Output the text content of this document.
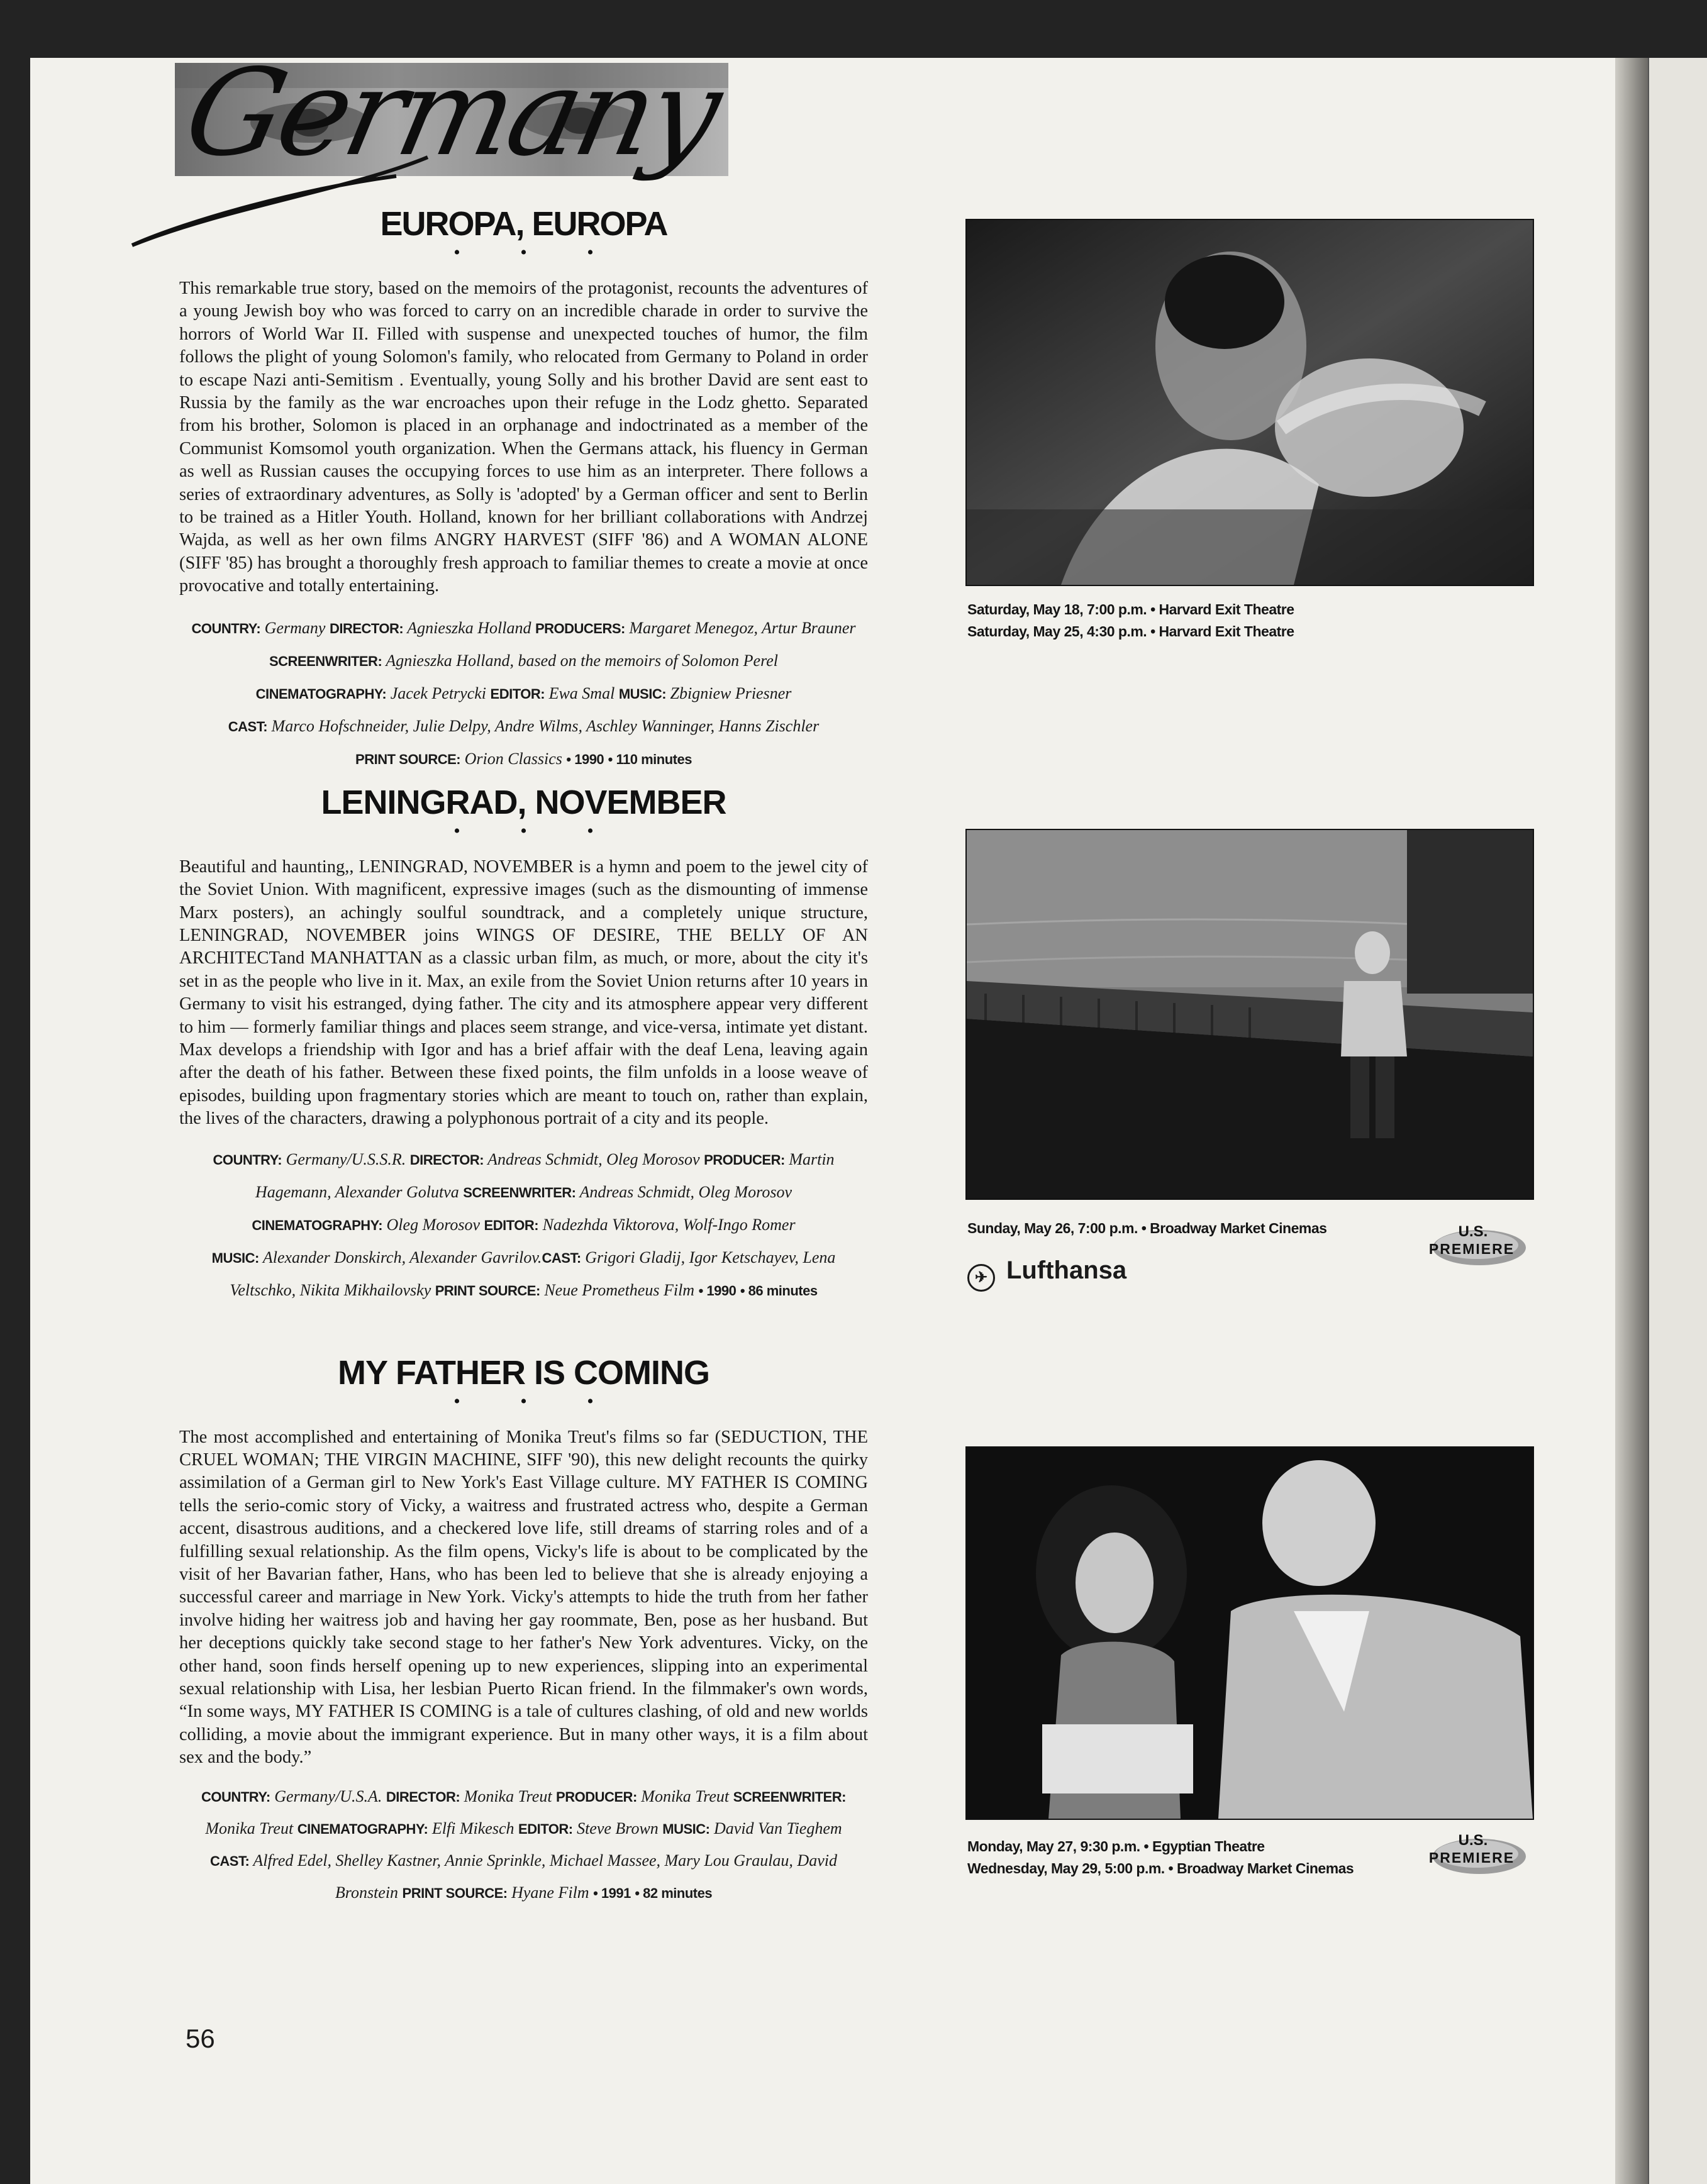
Germany
EUROPA, EUROPA
• • •

This remarkable true story, based on the memoirs of the protagonist, recounts the adventures of a young Jewish boy who was forced to carry on an incredible charade in order to survive the horrors of World War II. Filled with suspense and unexpected touches of humor, the film follows the plight of young Solomon's family, who relocated from Germany to Poland in order to escape Nazi anti-Semitism . Eventually, young Solly and his brother David are sent east to Russia by the family as the war encroaches upon their refuge in the Lodz ghetto. Separated from his brother, Solomon is placed in an orphanage and indoctrinated as a member of the Communist Komsomol youth organization. When the Germans attack, his fluency in German as well as Russian causes the occupying forces to use him as an interpreter. There follows a series of extraordinary adventures, as Solly is 'adopted' by a German officer and sent to Berlin to be trained as a Hitler Youth. Holland, known for her brilliant collaborations with Andrzej Wajda, as well as her own films ANGRY HARVEST (SIFF '86) and A WOMAN ALONE (SIFF '85) has brought a thoroughly fresh approach to familiar themes to create a movie at once provocative and totally entertaining.

COUNTRY: Germany DIRECTOR: Agnieszka Holland PRODUCERS: Margaret Menegoz, Artur Brauner SCREENWRITER: Agnieszka Holland, based on the memoirs of Solomon Perel
CINEMATOGRAPHY: Jacek Petrycki EDITOR: Ewa Smal MUSIC: Zbigniew Priesner
CAST: Marco Hofschneider, Julie Delpy, Andre Wilms, Aschley Wanninger, Hanns Zischler
PRINT SOURCE: Orion Classics • 1990 • 110 minutes
LENINGRAD, NOVEMBER
• • •

Beautiful and haunting,, LENINGRAD, NOVEMBER is a hymn and poem to the jewel city of the Soviet Union. With magnificent, expressive images (such as the dismounting of immense Marx posters), an achingly soulful soundtrack, and a completely unique structure, LENINGRAD, NOVEMBER joins WINGS OF DESIRE, THE BELLY OF AN ARCHITECTand MANHATTAN as a classic urban film, as much, or more, about the city it's set in as the people who live in it. Max, an exile from the Soviet Union returns after 10 years in Germany to visit his estranged, dying father. The city and its atmosphere appear very different to him — formerly familiar things and places seem strange, and vice-versa, intimate yet distant. Max develops a friendship with Igor and has a brief affair with the deaf Lena, leaving again after the death of his father. Between these fixed points, the film unfolds in a loose weave of episodes, building upon fragmentary stories which are meant to touch on, rather than explain, the lives of the characters, drawing a polyphonous portrait of a city and its people.

COUNTRY: Germany/U.S.S.R. DIRECTOR: Andreas Schmidt, Oleg Morosov PRODUCER: Martin Hagemann, Alexander Golutva SCREENWRITER: Andreas Schmidt, Oleg Morosov
CINEMATOGRAPHY: Oleg Morosov EDITOR: Nadezhda Viktorova, Wolf-Ingo Romer
MUSIC: Alexander Donskirch, Alexander Gavrilov.CAST: Grigori Gladij, Igor Ketschayev, Lena Veltschko, Nikita Mikhailovsky PRINT SOURCE: Neue Prometheus Film • 1990 • 86 minutes
MY FATHER IS COMING
• • •

The most accomplished and entertaining of Monika Treut's films so far (SEDUCTION, THE CRUEL WOMAN; THE VIRGIN MACHINE, SIFF '90), this new delight recounts the quirky assimilation of a German girl to New York's East Village culture. MY FATHER IS COMING tells the serio-comic story of Vicky, a waitress and frustrated actress who, despite a German accent, disastrous auditions, and a checkered love life, still dreams of starring roles and of a fulfilling sexual relationship. As the film opens, Vicky's life is about to be complicated by the visit of her Bavarian father, Hans, who has been led to believe that she is already enjoying a successful career and marriage in New York. Vicky's attempts to hide the truth from her father involve hiding her waitress job and having her gay roommate, Ben, pose as her husband. But her deceptions quickly take second stage to her father's New York adventures. Vicky, on the other hand, soon finds herself opening up to new experiences, slipping into an experimental sexual relationship with Lisa, her lesbian Puerto Rican friend. In the filmmaker's own words, “In some ways, MY FATHER IS COMING is a tale of cultures clashing, of old and new worlds colliding, a movie about the immigrant experience. But in many other ways, it is a film about sex and the body.”

COUNTRY: Germany/U.S.A. DIRECTOR: Monika Treut PRODUCER: Monika Treut SCREENWRITER: Monika Treut CINEMATOGRAPHY: Elfi Mikesch EDITOR: Steve Brown MUSIC: David Van Tieghem
CAST: Alfred Edel, Shelley Kastner, Annie Sprinkle, Michael Massee, Mary Lou Graulau, David Bronstein PRINT SOURCE: Hyane Film • 1991 • 82 minutes
Saturday, May 18, 7:00 p.m. • Harvard Exit Theatre
Saturday, May 25, 4:30 p.m. • Harvard Exit Theatre
Sunday, May 26, 7:00 p.m. • Broadway Market Cinemas
✈ Lufthansa
U.S.
PREMIERE
Monday, May 27, 9:30 p.m. • Egyptian Theatre
Wednesday, May 29, 5:00 p.m. • Broadway Market Cinemas
U.S.
PREMIERE
56
